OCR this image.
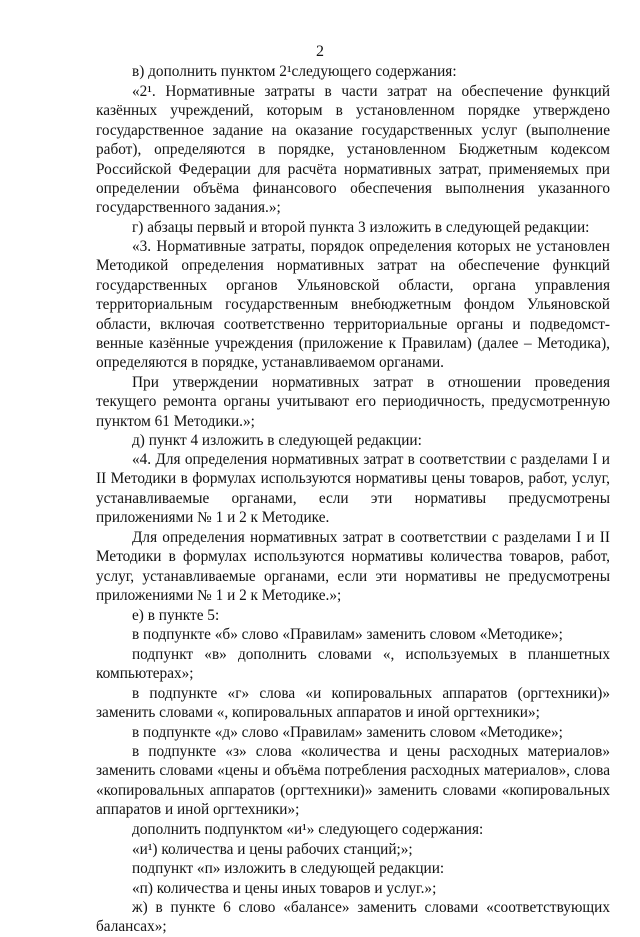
2

в) дополнить пунктом 2¹следующего содержания:

«2¹. Нормативные затраты в части затрат на обеспечение функций казённых учреждений, которым в установленном порядке утверждено государственное задание на оказание государственных услуг (выполнение работ), определяются в порядке, установленном Бюджетным кодексом Российской Федерации для расчёта нормативных затрат, применяемых при определении объёма финансового обеспечения выполнения указанного государственного задания.»;

г) абзацы первый и второй пункта 3 изложить в следующей редакции:

«3. Нормативные затраты, порядок определения которых не установлен Методикой определения нормативных затрат на обеспечение функций государственных органов Ульяновской области, органа управления территориальным государственным внебюджетным фондом Ульяновской области, включая соответственно территориальные органы и подведомст-венные казённые учреждения (приложение к Правилам) (далее – Методика), определяются в порядке, устанавливаемом органами.

При утверждении нормативных затрат в отношении проведения текущего ремонта органы учитывают его периодичность, предусмотренную пунктом 61 Методики.»;

д) пункт 4 изложить в следующей редакции:

«4. Для определения нормативных затрат в соответствии с разделами I и II Методики в формулах используются нормативы цены товаров, работ, услуг, устанавливаемые органами, если эти нормативы предусмотрены приложениями № 1 и 2 к Методике.

Для определения нормативных затрат в соответствии с разделами I и II Методики в формулах используются нормативы количества товаров, работ, услуг, устанавливаемые органами, если эти нормативы не предусмотрены приложениями № 1 и 2 к Методике.»;

е) в пункте 5:

в подпункте «б» слово «Правилам» заменить словом «Методике»;

подпункт «в» дополнить словами «, используемых в планшетных компьютерах»;

в подпункте «г» слова «и копировальных аппаратов (оргтехники)» заменить словами «, копировальных аппаратов и иной оргтехники»;

в подпункте «д» слово «Правилам» заменить словом «Методике»;

в подпункте «з» слова «количества и цены расходных материалов» заменить словами «цены и объёма потребления расходных материалов», слова «копировальных аппаратов (оргтехники)» заменить словами «копировальных аппаратов и иной оргтехники»;

дополнить подпунктом «и¹» следующего содержания:

«и¹) количества и цены рабочих станций;»;

подпункт «п» изложить в следующей редакции:

«п) количества и цены иных товаров и услуг.»;

ж) в пункте 6 слово «балансе» заменить словами «соответствующих балансах»;
